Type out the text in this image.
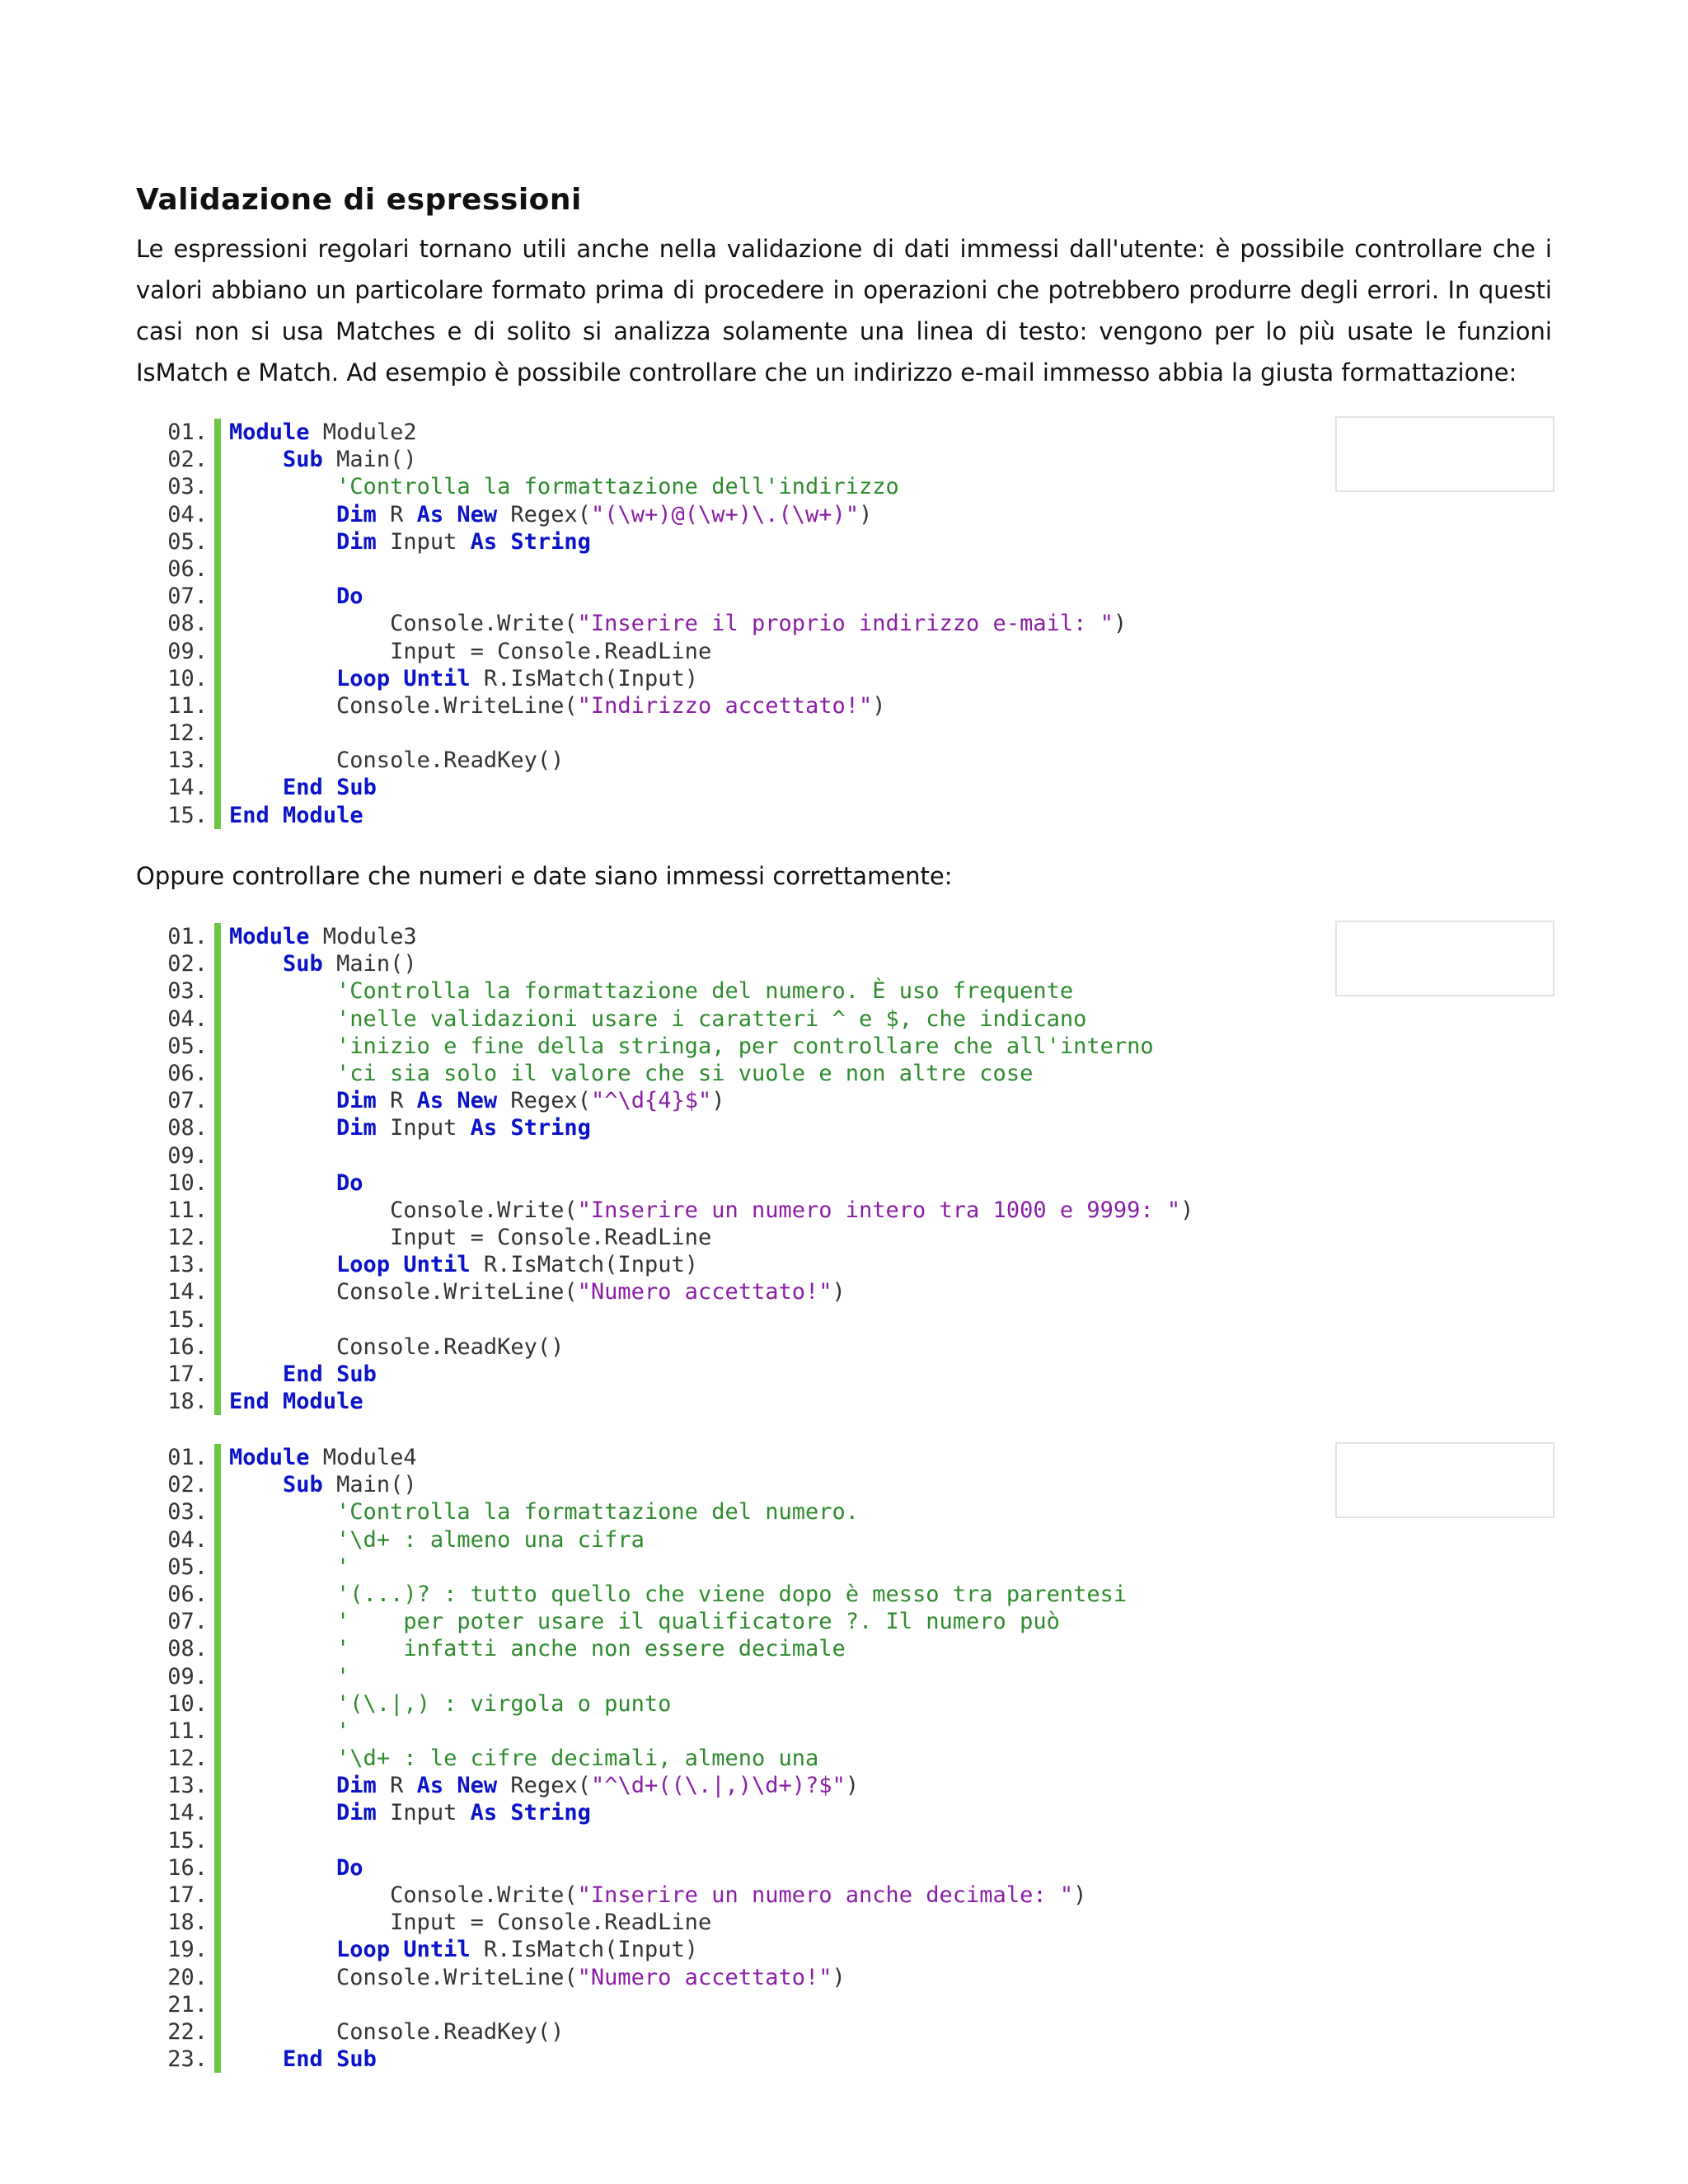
Validazione di espressioni

Le espressioni regolari tornano utili anche nella validazione di dati immessi dall'utente: è possibile controllare che i valori abbiano un particolare formato prima di procedere in operazioni che potrebbero produrre degli errori. In questi casi non si usa Matches e di solito si analizza solamente una linea di testo: vengono per lo più usate le funzioni IsMatch e Match. Ad esempio è possibile controllare che un indirizzo e-mail immesso abbia la giusta formattazione:

01. Module Module2
02.	Sub Main()
03.	'Controlla la formattazione dell'indirizzo
04.	Dim R As New Regex("(\w+)@(\w+)\.(\w+)")
05.	Dim Input As String
06.
07.	Do
08. Console.Write("Inserire il proprio indirizzo e-mail: ")
09. Input = Console.ReadLine
10.	Loop Until R.IsMatch(Input)
11. Console.WriteLine("Indirizzo accettato!")
12.
13. Console.ReadKey()
14.	End Sub
15. End Module

Oppure controllare che numeri e date siano immessi correttamente:

01. Module Module3
02.	Sub Main()
03.	'Controlla la formattazione del numero. È uso frequente
04.	'nelle validazioni usare i caratteri ^ e $, che indicano
05.	'inizio e fine della stringa, per controllare che all'interno
06.	'ci sia solo il valore che si vuole e non altre cose
07.	Dim R As New Regex("^\d{4}$")
08.	Dim Input As String
09.
10.	Do
11. Console.Write("Inserire un numero intero tra 1000 e 9999: ")
12. Input = Console.ReadLine
13.	Loop Until R.IsMatch(Input)
14. Console.WriteLine("Numero accettato!")
15.
16. Console.ReadKey()
17.	End Sub
18. End Module
01. Module Module4
02.	Sub Main()
03.	'Controlla la formattazione del numero.
04.	'\d+ : almeno una cifra
05.	'
06.	'(...)? : tutto quello che viene dopo è messo tra parentesi
07.	'    per poter usare il qualificatore ?. Il numero può
08.	'    infatti anche non essere decimale
09.	'
10.	'(\.|,) : virgola o punto
11.	'
12.	'\d+ : le cifre decimali, almeno una
13.	Dim R As New Regex("^\d+((\.|,)\d+)?$")
14.	Dim Input As String
15.
16.	Do
17. Console.Write("Inserire un numero anche decimale: ")
18. Input = Console.ReadLine
19.	Loop Until R.IsMatch(Input)
20. Console.WriteLine("Numero accettato!")
21.
22. Console.ReadKey()
23.	End Sub
